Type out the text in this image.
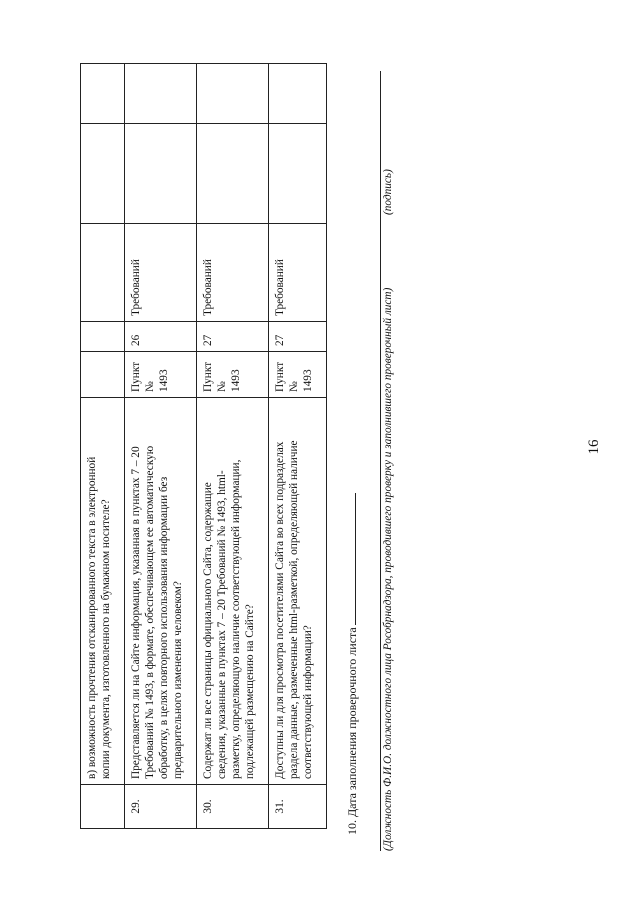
16

	в) возможность прочтения отсканированного текста в электронной копии документа, изготовленного на бумажном носителе?					

29.	Представляется ли на Сайте информация, указанная в пунктах 7 – 20 Требований № 1493, в формате, обеспечивающем ее автоматическую обработку, в целях повторного использования информации без предварительного изменения человеком?	Пункт № 1493	26	Требований		
30.	Содержат ли все страницы официального Сайта, содержащие сведения, указанные в пунктах 7 – 20 Требований № 1493, html- разметку, определяющую наличие соответствующей информации, подлежащей размещению на Сайте?	Пункт № 1493	27	Требований		
31.	Доступны ли для просмотра посетителями Сайта во всех подразделах раздела данные, размеченные html-разметкой, определяющей наличие соответствующей информации?	Пункт № 1493	27	Требований		
10. Дата заполнения проверочного листа (Должность Ф.И.О. должностного лица Рособрнадзора, проводившего проверку и заполнившего проверочный лист)
(подпись)
